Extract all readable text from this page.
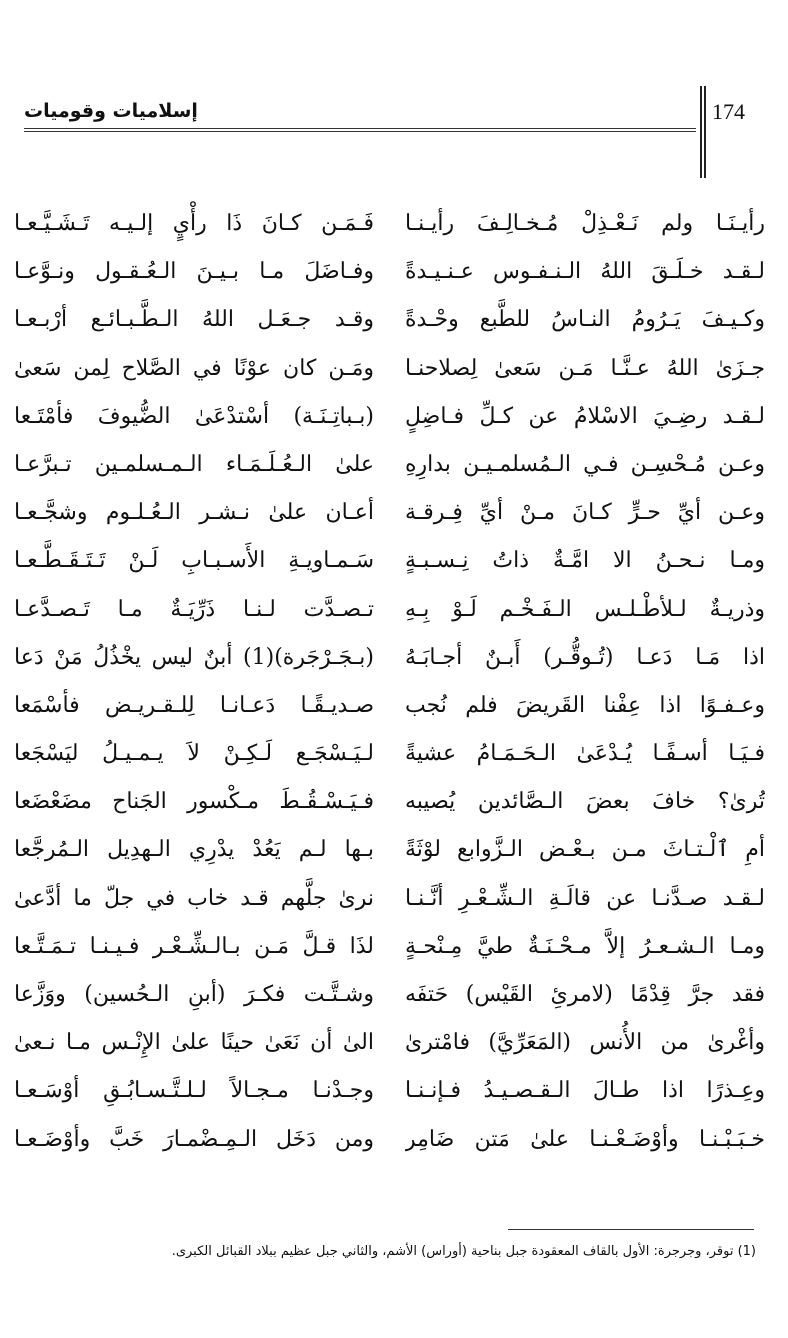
174
إسلاميات وقوميات
رأيـنَـا ولم نَـعْـذِلْ مُـخـالِـفَ رأيـنـا
لـقـد خـلَـقَ اللهُ الـنـفـوس عـنـيـدةً
وكـيـفَ يَـرُومُ النـاسُ للطَّبع وحْـدةً
جـزَىٰ اللهُ عـنَّـا مَـن سَعىٰ لِصلاحنـا
لـقـد رضِـيَ الاسْلامُ عن كـلِّ فـاضِلٍ
وعـن مُـحْسِـن فـي الـمُسلمـيـن بدارِهِ
وعـن أيِّ حـرٍّ كـانَ مـنْ أيِّ فِـرقـة
ومـا نـحـنُ الا امَّـةٌ ذاتُ نِـسـبـةٍ
وذريـةٌ لـلأطْـلـس الـفَـخْـم لَـوْ بِـهِ
اذا مَـا دَعـا (تُـوقُّـر) أَبـنٌ أجـابَـهُ
وعـفـوًا اذا عِفْنا القَريضَ فلم نُجب
فـيَـا أسـفًـا يُـدْعَىٰ الـحَـمَـامُ عشيةً
تُرىٰ؟ خافَ بعضَ الـصَّائدين يُصيبه
أمِ ٱلْـتـاثَ مـن بـعْـض الـزَّوابع لوْثَةً
لـقـد صـدَّنـا عن قالَـةِ الـشِّـعْـرِ أنَّـنـا
ومـا الـشـعـرُ إلاَّ مـحْـنَـةٌ طيَّ مِـنْحـةٍ
فقد جرَّ قِدْمًا (لامرئِ القَيْس) حَتفَه
وأغْرىٰ من الأُنس (المَعَرِّيَّ) فامْترىٰ
وعِـذرًا اذا طـالَ الـقـصـيـدُ فـإنـنـا
خـبَـبْـنـا وأوْضَـعْـنـا علىٰ مَتن ضَامِر
فَـمَـن كـانَ ذَا رأْيٍ إلـيـه تَـشَـيَّـعـا
وفـاضَلَ مـا بـيـنَ الـعُـقـول ونـوَّعـا
وقـد جـعَـل اللهُ الـطَّـبـائـع أرْبـعـا
ومَـن كان عوْنًا في الصَّلاح لِمن سَعىٰ
(بـباتِـنَـة) أسْتدْعَىٰ الضُّيوفَ فأمْتَـعا
علىٰ الـعُـلَـمَـاء الـمـسلمـين تـبرَّعـا
أعـان علىٰ نـشـر الـعُـلـوم وشجَّـعـا
سَـمـاويـةِ الأَسـبـابِ لَـنْ تَـتَـقَـطَّـعـا
تـصـدَّت لـنـا ذَرِّيَـةٌ مـا تَـصـدَّعـا
(بـجَـرْجَرة)(1) أبنٌ ليس يخْذُلُ مَنْ دَعا
صـديـقًـا دَعـانـا لِلـقـريـض فأسْمَعا
لـيَـسْجَـع لَـكِـنْ لاَ يـمـيـلُ ليَسْجَعا
فـيَـسْـقُـطَ مـكْسور الجَناح مضَعْضَعا
بـها لـم يَعُدْ يدْرِي الـهدِيل الـمُرجَّعا
نرىٰ جلَّهم قـد خاب في جلّ ما أدَّعىٰ
لذَا قـلَّ مَـن بـالـشِّـعْـر فـيـنـا تـمَـتَّـعا
وشـتَّـت فكـرَ (أبنِ الـحُسين) ووَزَّعا
الىٰ أن نَعَىٰ حينًا علىٰ الإِنْـس مـا نـعىٰ
وجـدْنـا مـجـالاً لـلـتَّـسـابُـقِ أوْسَـعـا
ومن دَخَل الـمِـضْمـارَ خَبَّ وأوْضَـعـا
(1) توقر، وجرجرة: الأول بالقاف المعقودة جبل بناحية (أوراس) الأشم، والثاني جبل عظيم ببلاد القبائل الكبرى.
